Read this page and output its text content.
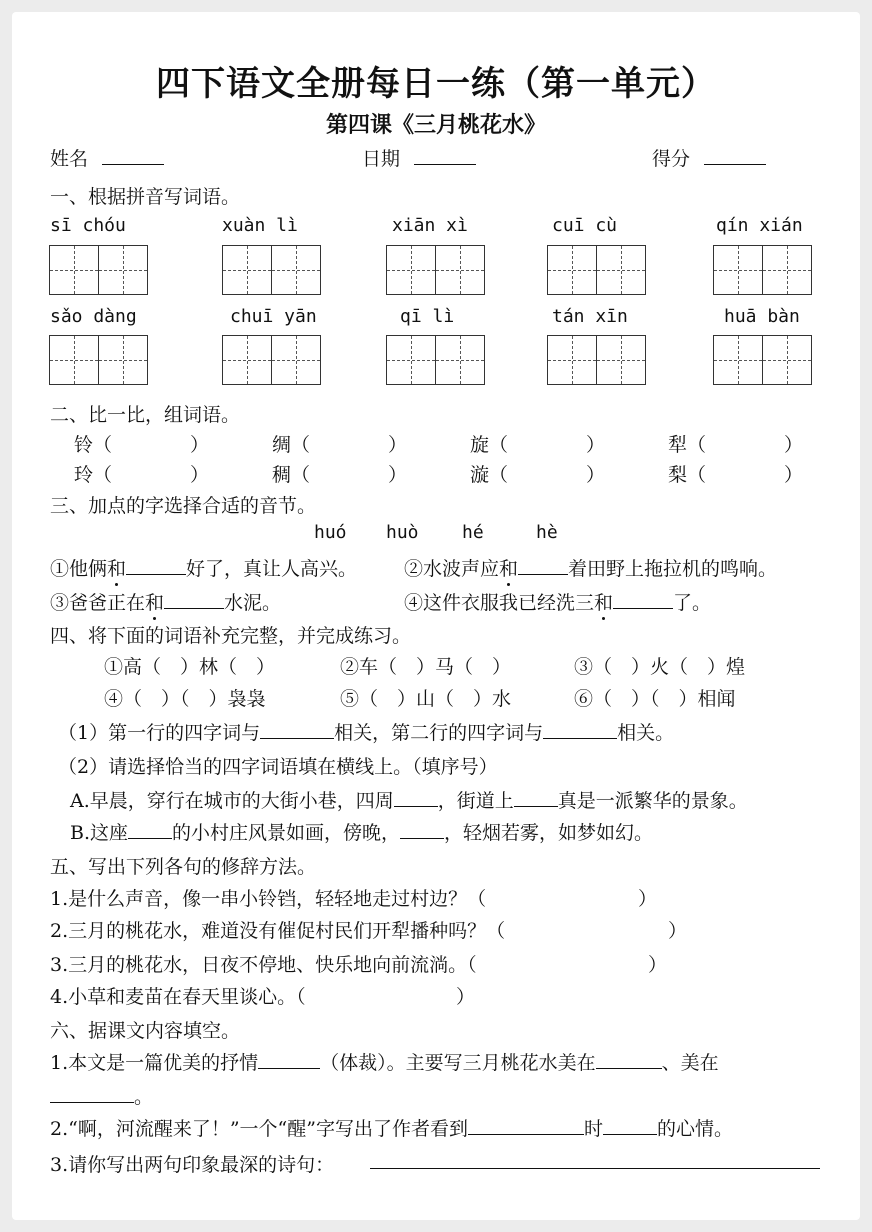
四下语文全册每日一练（第一单元）
第四课《三月桃花水》
姓名	日期	得分
一、根据拼音写词语。
sī chóu	xuàn lì	xiān xì	cuī cù	qín xián
sǎo dàng	chuī yān	qī lì	tán xīn	huā bàn
二、比一比，组词语。
铃（	）	绸（	）	旋（	）	犁（	）
玲（	）	稠（	）	漩（	）	梨（	）
三、加点的字选择合适的音节。
huó huò hé	hè
①他俩和	好了，真让人高兴。 ②水波声应和	着田野上拖拉机的鸣响。
③爸爸正在和	水泥。	④这件衣服我已经洗三和	了。
四、将下面的词语补充完整，并完成练习。
①高（　）林（　）	②车（　）马（　）	③（　）火（　）煌
④（　）（　）袅袅	⑤（　）山（　）水	⑥（　）（　）相闻
（1）第一行的四字词与	相关，第二行的四字词与	相关。
（2）请选择恰当的四字词语填在横线上。（填序号）
A.早晨，穿行在城市的大街小巷，四周 ，街道上 真是一派繁华的景象。
B.这座 的小村庄风景如画，傍晚， ，轻烟若雾，如梦如幻。
五、写出下列各句的修辞方法。
1.是什么声音，像一串小铃铛，轻轻地走过村边？（	）
2.三月的桃花水，难道没有催促村民们开犁播种吗？（	）
3.三月的桃花水，日夜不停地、快乐地向前流淌。（	）
4.小草和麦苗在春天里谈心。（	）
六、据课文内容填空。
1.本文是一篇优美的抒情	（体裁）。主要写三月桃花水美在	、美在
。
2.“啊，河流醒来了！”一个“醒”字写出了作者看到	时	的心情。
3.请你写出两句印象最深的诗句：
